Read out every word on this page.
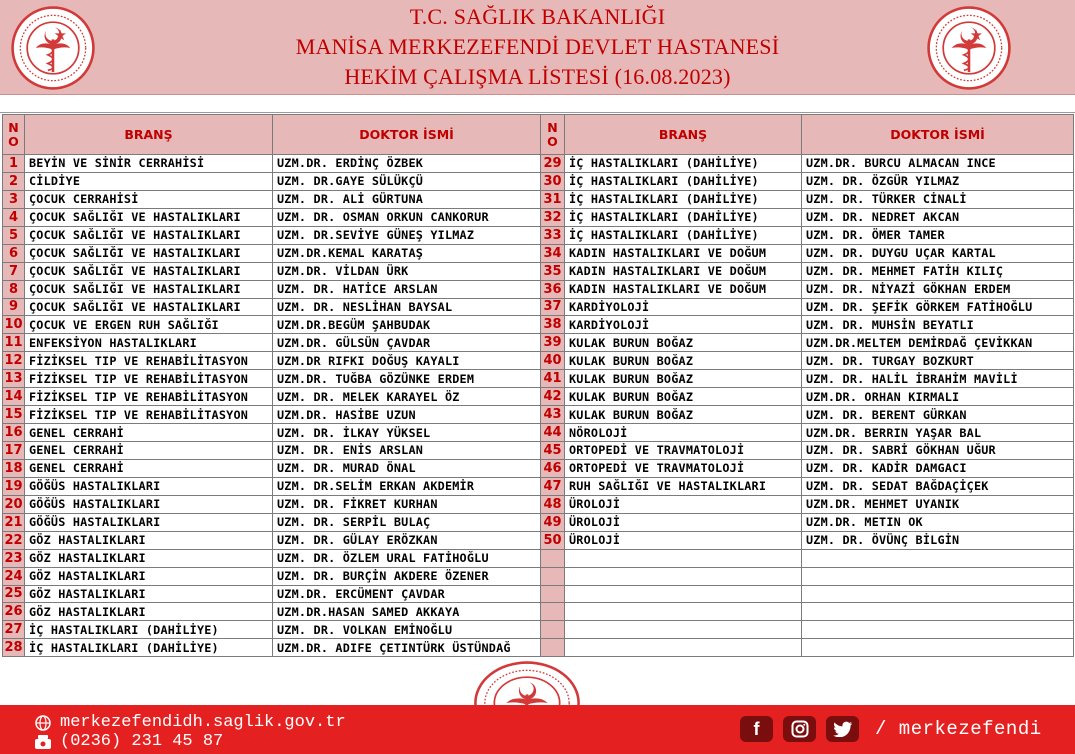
T.C. SAĞLIK BAKANLIĞI
MANİSA MERKEZEFENDİ DEVLET HASTANESİ
HEKİM ÇALIŞMA LİSTESİ (16.08.2023)
N
O	BRANŞ	DOKTOR İSMİ	N
O	BRANŞ	DOKTOR İSMİ
1	BEYİN VE SİNİR CERRAHİSİ	UZM.DR. ERDİNÇ ÖZBEK	29	İÇ HASTALIKLARI (DAHİLİYE)	UZM.DR. BURCU ALMACAN INCE
2	CİLDİYE	UZM. DR.GAYE SÜLÜKÇÜ	30	İÇ HASTALIKLARI (DAHİLİYE)	UZM. DR. ÖZGÜR YILMAZ
3	ÇOCUK CERRAHİSİ	UZM. DR. ALİ GÜRTUNA	31	İÇ HASTALIKLARI (DAHİLİYE)	UZM. DR. TÜRKER CİNALİ
4	ÇOCUK SAĞLIĞI VE HASTALIKLARI	UZM. DR. OSMAN ORKUN CANKORUR	32	İÇ HASTALIKLARI (DAHİLİYE)	UZM. DR. NEDRET AKCAN
5	ÇOCUK SAĞLIĞI VE HASTALIKLARI	UZM. DR.SEVİYE GÜNEŞ YILMAZ	33	İÇ HASTALIKLARI (DAHİLİYE)	UZM. DR. ÖMER TAMER
6	ÇOCUK SAĞLIĞI VE HASTALIKLARI	UZM.DR.KEMAL KARATAŞ	34	KADIN HASTALIKLARI VE DOĞUM	UZM. DR. DUYGU UÇAR KARTAL
7	ÇOCUK SAĞLIĞI VE HASTALIKLARI	UZM.DR. VİLDAN ÜRK	35	KADIN HASTALIKLARI VE DOĞUM	UZM. DR. MEHMET FATİH KILIÇ
8	ÇOCUK SAĞLIĞI VE HASTALIKLARI	UZM. DR. HATİCE ARSLAN	36	KADIN HASTALIKLARI VE DOĞUM	UZM. DR. NİYAZİ GÖKHAN ERDEM
9	ÇOCUK SAĞLIĞI VE HASTALIKLARI	UZM. DR. NESLİHAN BAYSAL	37	KARDİYOLOJİ	UZM. DR. ŞEFİK GÖRKEM FATİHOĞLU
10	ÇOCUK VE ERGEN RUH SAĞLIĞI	UZM.DR.BEGÜM ŞAHBUDAK	38	KARDİYOLOJİ	UZM. DR. MUHSİN BEYATLI
11	ENFEKSİYON HASTALIKLARI	UZM.DR. GÜLSÜN ÇAVDAR	39	KULAK BURUN BOĞAZ	UZM.DR.MELTEM DEMİRDAĞ ÇEVİKKAN
12	FİZİKSEL TIP VE REHABİLİTASYON	UZM.DR RIFKI DOĞUŞ KAYALI	40	KULAK BURUN BOĞAZ	UZM. DR. TURGAY BOZKURT
13	FİZİKSEL TIP VE REHABİLİTASYON	UZM.DR. TUĞBA GÖZÜNKE ERDEM	41	KULAK BURUN BOĞAZ	UZM. DR. HALİL İBRAHİM MAVİLİ
14	FİZİKSEL TIP VE REHABİLİTASYON	UZM. DR. MELEK KARAYEL ÖZ	42	KULAK BURUN BOĞAZ	UZM.DR. ORHAN KIRMALI
15	FİZİKSEL TIP VE REHABİLİTASYON	UZM.DR. HASİBE UZUN	43	KULAK BURUN BOĞAZ	UZM. DR. BERENT GÜRKAN
16	GENEL CERRAHİ	UZM. DR. İLKAY YÜKSEL	44	NÖROLOJİ	UZM.DR. BERRIN YAŞAR BAL
17	GENEL CERRAHİ	UZM. DR. ENİS ARSLAN	45	ORTOPEDİ VE TRAVMATOLOJİ	UZM. DR. SABRİ GÖKHAN UĞUR
18	GENEL CERRAHİ	UZM. DR. MURAD ÖNAL	46	ORTOPEDİ VE TRAVMATOLOJİ	UZM. DR. KADİR DAMGACI
19	GÖĞÜS HASTALIKLARI	UZM. DR.SELİM ERKAN AKDEMİR	47	RUH SAĞLIĞI VE HASTALIKLARI	UZM. DR. SEDAT BAĞDAÇİÇEK
20	GÖĞÜS HASTALIKLARI	UZM. DR. FİKRET KURHAN	48	ÜROLOJİ	UZM.DR. MEHMET UYANIK
21	GÖĞÜS HASTALIKLARI	UZM. DR. SERPİL BULAÇ	49	ÜROLOJİ	UZM.DR. METIN OK
22	GÖZ HASTALIKLARI	UZM. DR. GÜLAY ERÖZKAN	50	ÜROLOJİ	UZM. DR. ÖVÜNÇ BİLGİN
23	GÖZ HASTALIKLARI	UZM. DR. ÖZLEM URAL FATİHOĞLU			
24	GÖZ HASTALIKLARI	UZM. DR. BURÇİN AKDERE ÖZENER			
25	GÖZ HASTALIKLARI	UZM.DR. ERCÜMENT ÇAVDAR			
26	GÖZ HASTALIKLARI	UZM.DR.HASAN SAMED AKKAYA			
27	İÇ HASTALIKLARI (DAHİLİYE)	UZM. DR. VOLKAN EMİNOĞLU			
28	İÇ HASTALIKLARI (DAHİLİYE)	UZM.DR. ADIFE ÇETINTÜRK ÜSTÜNDAĞ			
merkezefendidh.saglik.gov.tr
(0236) 231 45 87
f	/ merkezefendi
